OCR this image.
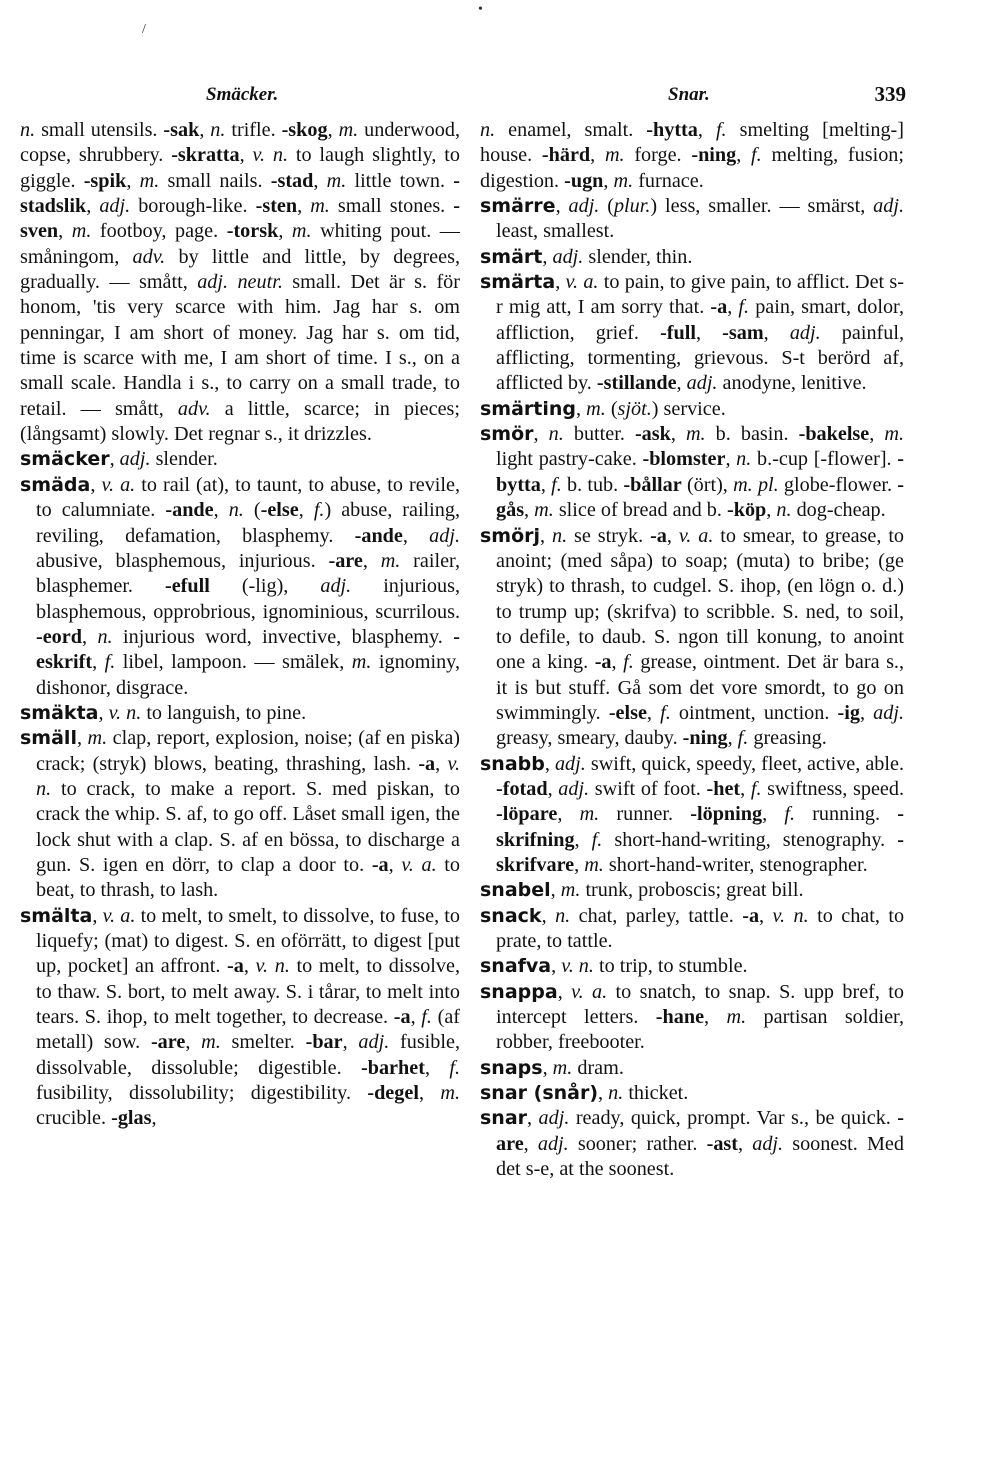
/
•
Smäcker.	Snar.	339

n. small utensils. -sak, n. trifle. -skog, m. underwood, copse, shrubbery. -skratta, v. n. to laugh slightly, to giggle. -spik, m. small nails. -stad, m. little town. -stadslik, adj. borough-like. -sten, m. small stones. -sven, m. footboy, page. -torsk, m. whiting pout. — småningom, adv. by little and little, by degrees, gradually. — smått, adj. neutr. small. Det är s. för honom, 'tis very scarce with him. Jag har s. om penningar, I am short of money. Jag har s. om tid, time is scarce with me, I am short of time. I s., on a small scale. Handla i s., to carry on a small trade, to retail. — smått, adv. a little, scarce; in pieces; (långsamt) slowly. Det regnar s., it drizzles.

smäcker, adj. slender.

smäda, v. a. to rail (at), to taunt, to abuse, to revile, to calumniate. -ande, n. (-else, f.) abuse, railing, reviling, defamation, blasphemy. -ande, adj. abusive, blasphemous, injurious. -are, m. railer, blasphemer. -efull (-lig), adj. injurious, blasphemous, opprobrious, ignominious, scurrilous. -eord, n. injurious word, invective, blasphemy. -eskrift, f. libel, lampoon. — smälek, m. ignominy, dishonor, disgrace.

smäkta, v. n. to languish, to pine.

smäll, m. clap, report, explosion, noise; (af en piska) crack; (stryk) blows, beating, thrashing, lash. -a, v. n. to crack, to make a report. S. med piskan, to crack the whip. S. af, to go off. Låset small igen, the lock shut with a clap. S. af en bössa, to discharge a gun. S. igen en dörr, to clap a door to. -a, v. a. to beat, to thrash, to lash.

smälta, v. a. to melt, to smelt, to dissolve, to fuse, to liquefy; (mat) to digest. S. en oförrätt, to digest [put up, pocket] an affront. -a, v. n. to melt, to dissolve, to thaw. S. bort, to melt away. S. i tårar, to melt into tears. S. ihop, to melt together, to decrease. -a, f. (af metall) sow. -are, m. smelter. -bar, adj. fusible, dissolvable, dissoluble; digestible. -barhet, f. fusibility, dissolubility; digestibility. -degel, m. crucible. -glas,

n. enamel, smalt. -hytta, f. smelting [melting-] house. -härd, m. forge. -ning, f. melting, fusion; digestion. -ugn, m. furnace.

smärre, adj. (plur.) less, smaller. — smärst, adj. least, smallest.

smärt, adj. slender, thin.

smärta, v. a. to pain, to give pain, to afflict. Det s-r mig att, I am sorry that. -a, f. pain, smart, dolor, affliction, grief. -full, -sam, adj. painful, afflicting, tormenting, grievous. S-t berörd af, afflicted by. -stillande, adj. anodyne, lenitive.

smärting, m. (sjöt.) service.

smör, n. butter. -ask, m. b. basin. -bakelse, m. light pastry-cake. -blomster, n. b.-cup [-flower]. -bytta, f. b. tub. -bållar (ört), m. pl. globe-flower. -gås, m. slice of bread and b. -köp, n. dog-cheap.

smörj, n. se stryk. -a, v. a. to smear, to grease, to anoint; (med såpa) to soap; (muta) to bribe; (ge stryk) to thrash, to cudgel. S. ihop, (en lögn o. d.) to trump up; (skrifva) to scribble. S. ned, to soil, to defile, to daub. S. ngon till konung, to anoint one a king. -a, f. grease, ointment. Det är bara s., it is but stuff. Gå som det vore smordt, to go on swimmingly. -else, f. ointment, unction. -ig, adj. greasy, smeary, dauby. -ning, f. greasing.

snabb, adj. swift, quick, speedy, fleet, active, able. -fotad, adj. swift of foot. -het, f. swiftness, speed. -löpare, m. runner. -löpning, f. running. -skrifning, f. short-hand-writing, stenography. -skrifvare, m. short-hand-writer, stenographer.

snabel, m. trunk, proboscis; great bill.

snack, n. chat, parley, tattle. -a, v. n. to chat, to prate, to tattle.

snafva, v. n. to trip, to stumble.

snappa, v. a. to snatch, to snap. S. upp bref, to intercept letters. -hane, m. partisan soldier, robber, freebooter.

snaps, m. dram.

snar (snår), n. thicket.

snar, adj. ready, quick, prompt. Var s., be quick. -are, adj. sooner; rather. -ast, adj. soonest. Med det s-e, at the soonest.
